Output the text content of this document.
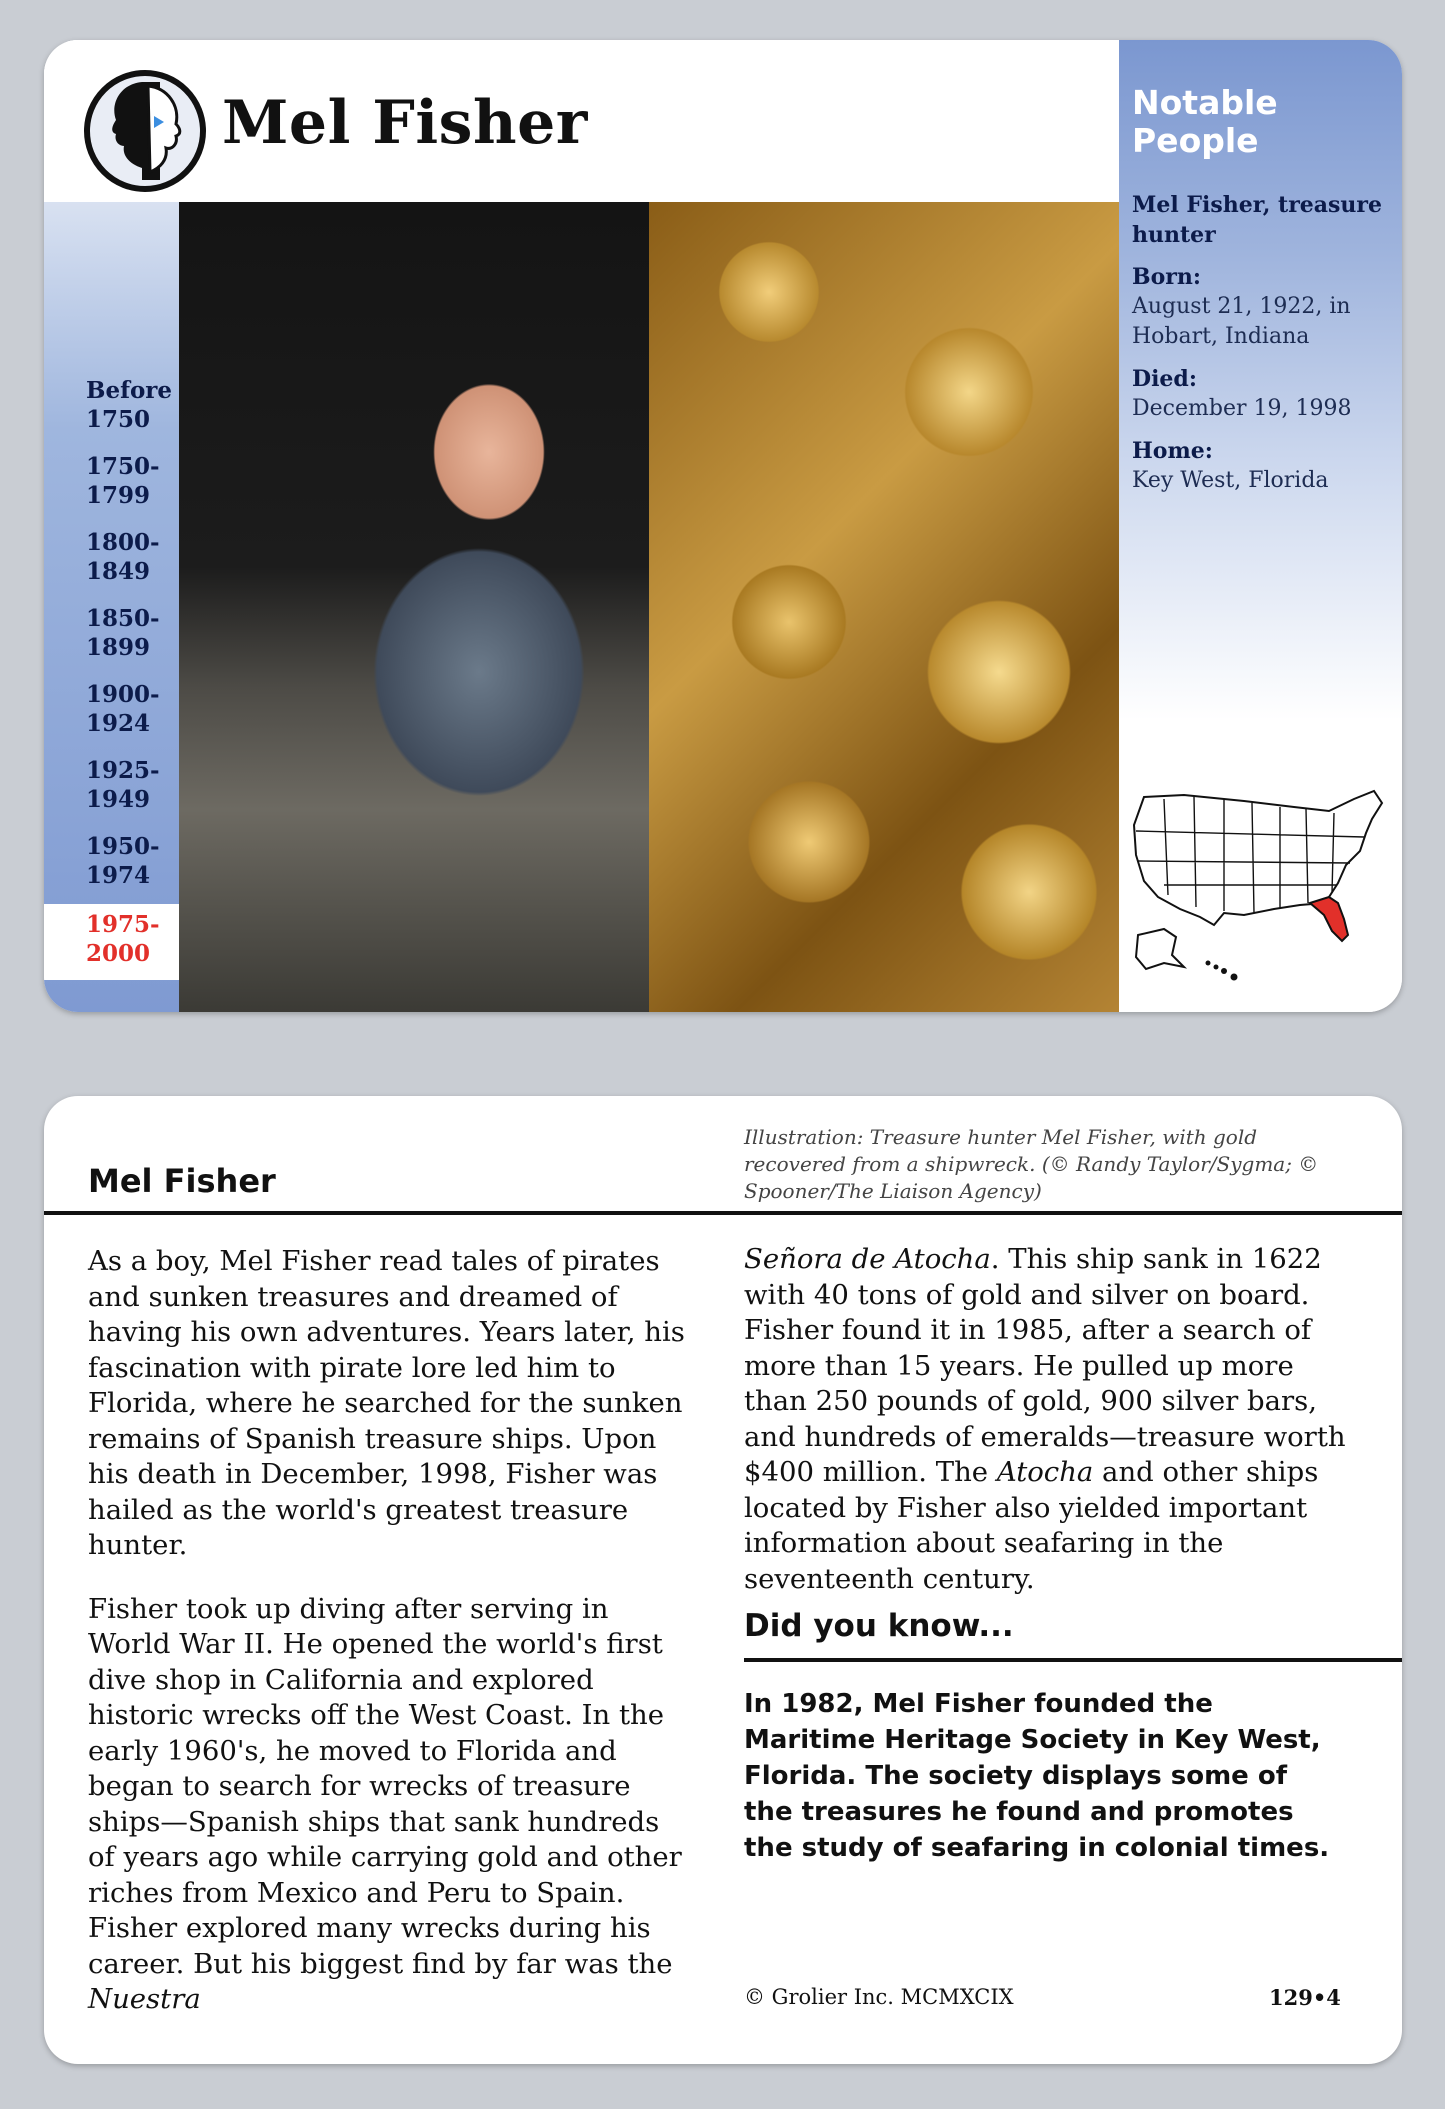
Mel Fisher
Before 1750
1750-1799
1800-1849
1850-1899
1900-1924
1925-1949
1950-1974
1975-2000
Notable People
Mel Fisher, treasure hunter
Born:
August 21, 1922, in Hobart, Indiana
Died:
December 19, 1998
Home:
Key West, Florida
Mel Fisher
Illustration: Treasure hunter Mel Fisher, with gold recovered from a shipwreck. (© Randy Taylor/Sygma; © Spooner/The Liaison Agency)

As a boy, Mel Fisher read tales of pirates and sunken treasures and dreamed of having his own adventures. Years later, his fascination with pirate lore led him to Florida, where he searched for the sunken remains of Spanish treasure ships. Upon his death in December, 1998, Fisher was hailed as the world's greatest treasure hunter.

Fisher took up diving after serving in World War II. He opened the world's first dive shop in California and explored historic wrecks off the West Coast. In the early 1960's, he moved to Florida and began to search for wrecks of treasure ships—Spanish ships that sank hundreds of years ago while carrying gold and other riches from Mexico and Peru to Spain. Fisher explored many wrecks during his career. But his biggest find by far was the Nuestra

Señora de Atocha. This ship sank in 1622 with 40 tons of gold and silver on board. Fisher found it in 1985, after a search of more than 15 years. He pulled up more than 250 pounds of gold, 900 silver bars, and hundreds of emeralds—treasure worth $400 million. The Atocha and other ships located by Fisher also yielded important information about seafaring in the seventeenth century.

Did you know...
In 1982, Mel Fisher founded the Maritime Heritage Society in Key West, Florida. The society displays some of the treasures he found and promotes the study of seafaring in colonial times.
© Grolier Inc. MCMXCIX	129•4
